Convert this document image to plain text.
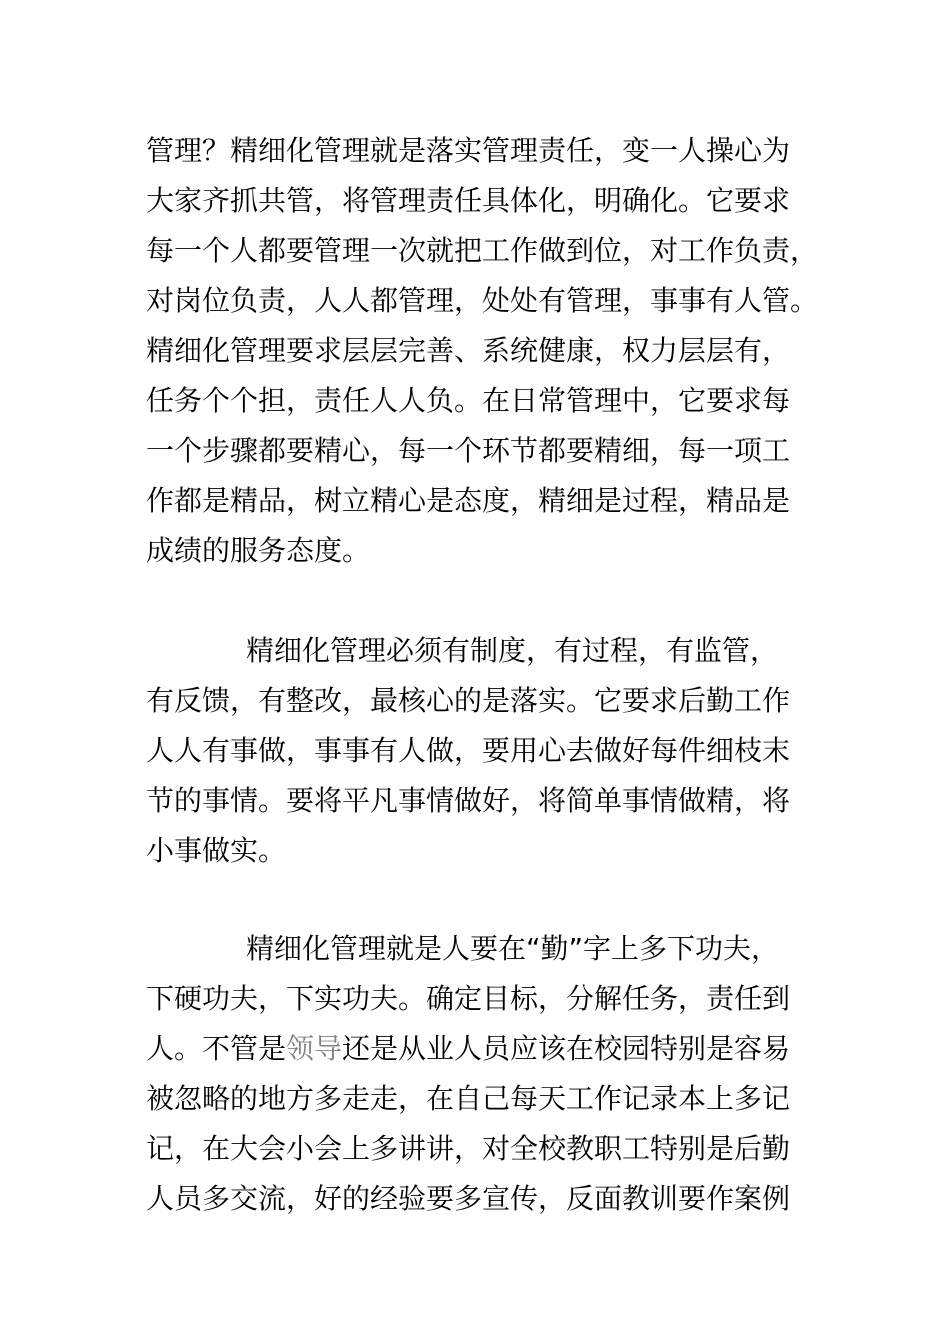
管理？精细化管理就是落实管理责任，变一人操心为
大家齐抓共管，将管理责任具体化，明确化。它要求
每一个人都要管理一次就把工作做到位，对工作负责，
对岗位负责，人人都管理，处处有管理，事事有人管。
精细化管理要求层层完善、系统健康，权力层层有，
任务个个担，责任人人负。在日常管理中，它要求每
一个步骤都要精心，每一个环节都要精细，每一项工
作都是精品，树立精心是态度，精细是过程，精品是
成绩的服务态度。
精细化管理必须有制度，有过程，有监管，
有反馈，有整改，最核心的是落实。它要求后勤工作
人人有事做，事事有人做，要用心去做好每件细枝末
节的事情。要将平凡事情做好，将简单事情做精，将
小事做实。
精细化管理就是人要在“勤”字上多下功夫，
下硬功夫，下实功夫。确定目标，分解任务，责任到
人。不管是领导还是从业人员应该在校园特别是容易
被忽略的地方多走走，在自己每天工作记录本上多记
记，在大会小会上多讲讲，对全校教职工特别是后勤
人员多交流，好的经验要多宣传，反面教训要作案例
